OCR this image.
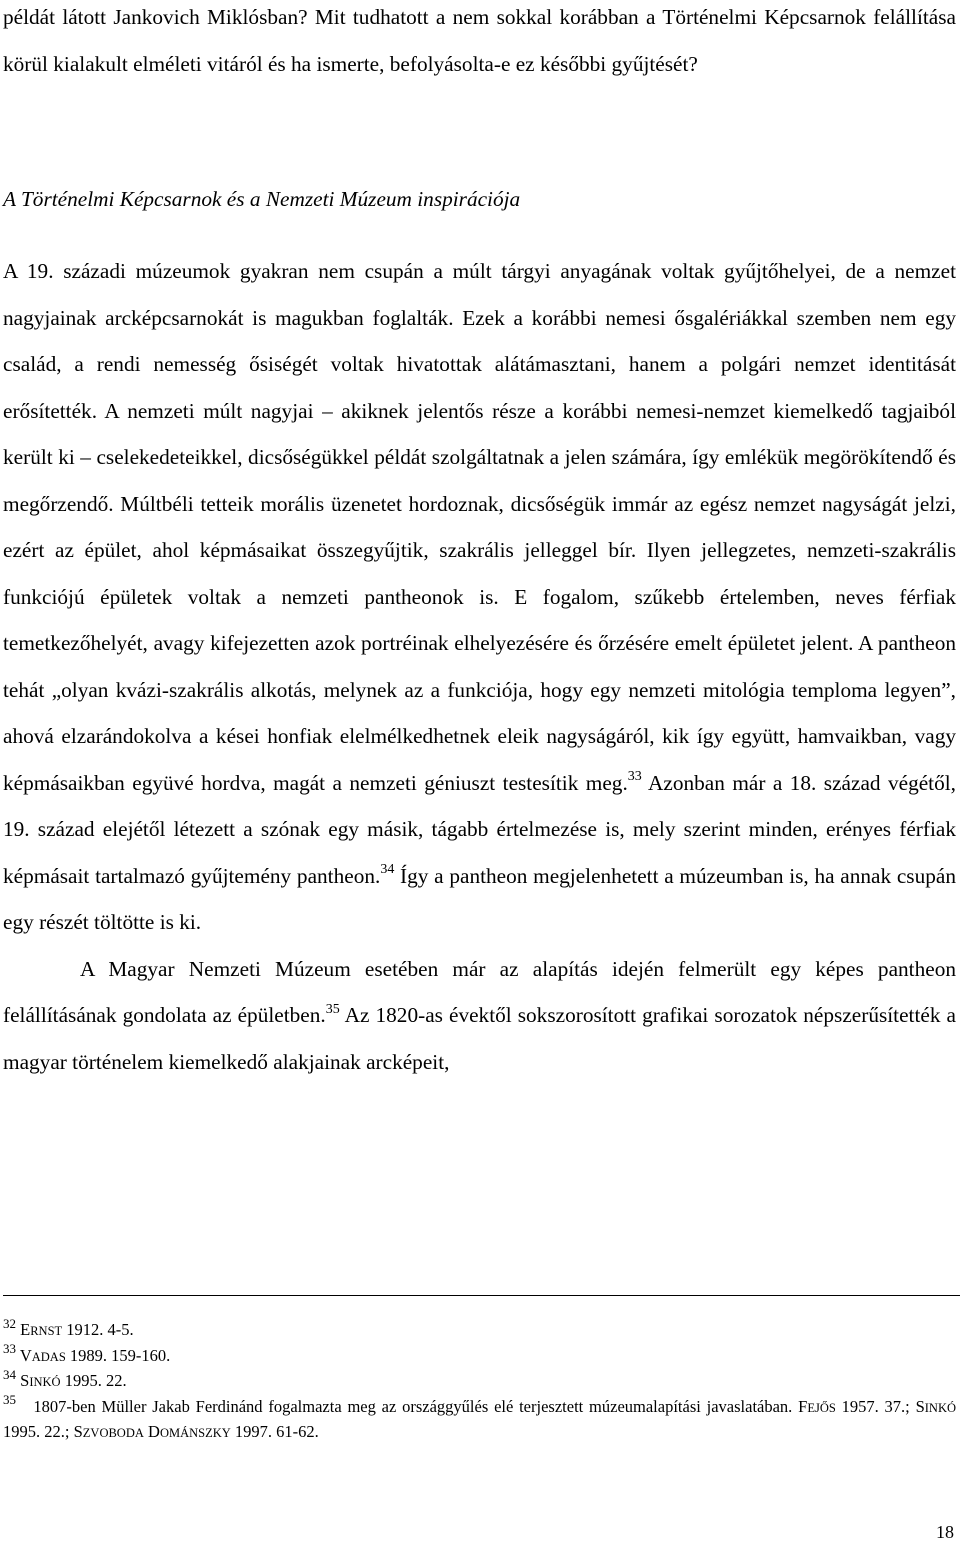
példát látott Jankovich Miklósban? Mit tudhatott a nem sokkal korábban a Történelmi Képcsarnok felállítása körül kialakult elméleti vitáról és ha ismerte, befolyásolta-e ez későbbi gyűjtését?

A Történelmi Képcsarnok és a Nemzeti Múzeum inspirációja

A 19. századi múzeumok gyakran nem csupán a múlt tárgyi anyagának voltak gyűjtőhelyei, de a nemzet nagyjainak arcképcsarnokát is magukban foglalták. Ezek a korábbi nemesi ősgalériákkal szemben nem egy család, a rendi nemesség ősiségét voltak hivatottak alátámasztani, hanem a polgári nemzet identitását erősítették. A nemzeti múlt nagyjai – akiknek jelentős része a korábbi nemesi-nemzet kiemelkedő tagjaiból került ki – cselekedeteikkel, dicsőségükkel példát szolgáltatnak a jelen számára, így emlékük megörökítendő és megőrzendő. Múltbéli tetteik morális üzenetet hordoznak, dicsőségük immár az egész nemzet nagyságát jelzi, ezért az épület, ahol képmásaikat összegyűjtik, szakrális jelleggel bír. Ilyen jellegzetes, nemzeti-szakrális funkciójú épületek voltak a nemzeti pantheonok is. E fogalom, szűkebb értelemben, neves férfiak temetkezőhelyét, avagy kifejezetten azok portréinak elhelyezésére és őrzésére emelt épületet jelent. A pantheon tehát „olyan kvázi-szakrális alkotás, melynek az a funkciója, hogy egy nemzeti mitológia temploma legyen”, ahová elzarándokolva a kései honfiak elelmélkedhetnek eleik nagyságáról, kik így együtt, hamvaikban, vagy képmásaikban együvé hordva, magát a nemzeti géniuszt testesítik meg.$^{33}$ Azonban már a 18. század végétől, 19. század elejétől létezett a szónak egy másik, tágabb értelmezése is, mely szerint minden, erényes férfiak képmásait tartalmazó gyűjtemény pantheon.$^{34}$ Így a pantheon megjelenhetett a múzeumban is, ha annak csupán egy részét töltötte is ki.

A Magyar Nemzeti Múzeum esetében már az alapítás idején felmerült egy képes pantheon felállításának gondolata az épületben.$^{35}$ Az 1820-as évektől sokszorosított grafikai sorozatok népszerűsítették a magyar történelem kiemelkedő alakjainak arcképeit,

$^{32}$ ERNST 1912. 4-5.

$^{33}$ VADAS 1989. 159-160.

$^{34}$ SINKÓ 1995. 22.

$^{35}$ 1807-ben Müller Jakab Ferdinánd fogalmazta meg az országgyűlés elé terjesztett múzeumalapítási javaslatában. FEJŐS 1957. 37.; SINKÓ 1995. 22.; SZVOBODA DOMÁNSZKY 1997. 61-62.

18
